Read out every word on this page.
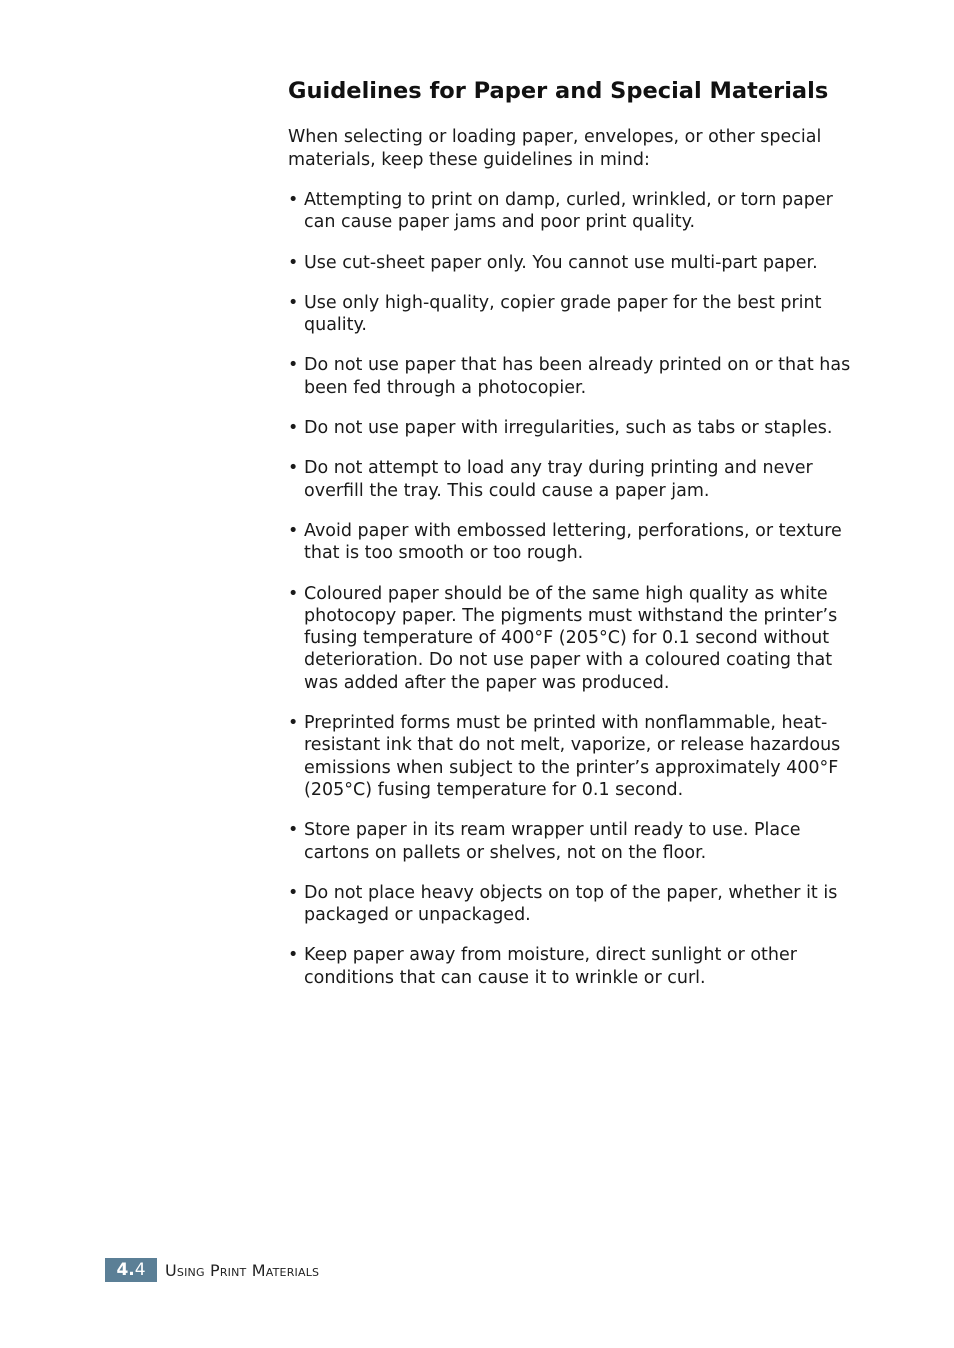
Guidelines for Paper and Special Materials

When selecting or loading paper, envelopes, or other special materials, keep these guidelines in mind:

• Attempting to print on damp, curled, wrinkled, or torn paper can cause paper jams and poor print quality.
• Use cut-sheet paper only. You cannot use multi-part paper.
• Use only high-quality, copier grade paper for the best print quality.
• Do not use paper that has been already printed on or that has been fed through a photocopier.
• Do not use paper with irregularities, such as tabs or staples.
• Do not attempt to load any tray during printing and never overfill the tray. This could cause a paper jam.
• Avoid paper with embossed lettering, perforations, or texture that is too smooth or too rough.
• Coloured paper should be of the same high quality as white photocopy paper. The pigments must withstand the printer’s fusing temperature of 400°F (205°C) for 0.1 second without deterioration. Do not use paper with a coloured coating that was added after the paper was produced.
• Preprinted forms must be printed with nonflammable, heat-resistant ink that do not melt, vaporize, or release hazardous emissions when subject to the printer’s approximately 400°F (205°C) fusing temperature for 0.1 second.
• Store paper in its ream wrapper until ready to use. Place cartons on pallets or shelves, not on the floor.
• Do not place heavy objects on top of the paper, whether it is packaged or unpackaged.
• Keep paper away from moisture, direct sunlight or other conditions that can cause it to wrinkle or curl.
4. 4 Using Print Materials
